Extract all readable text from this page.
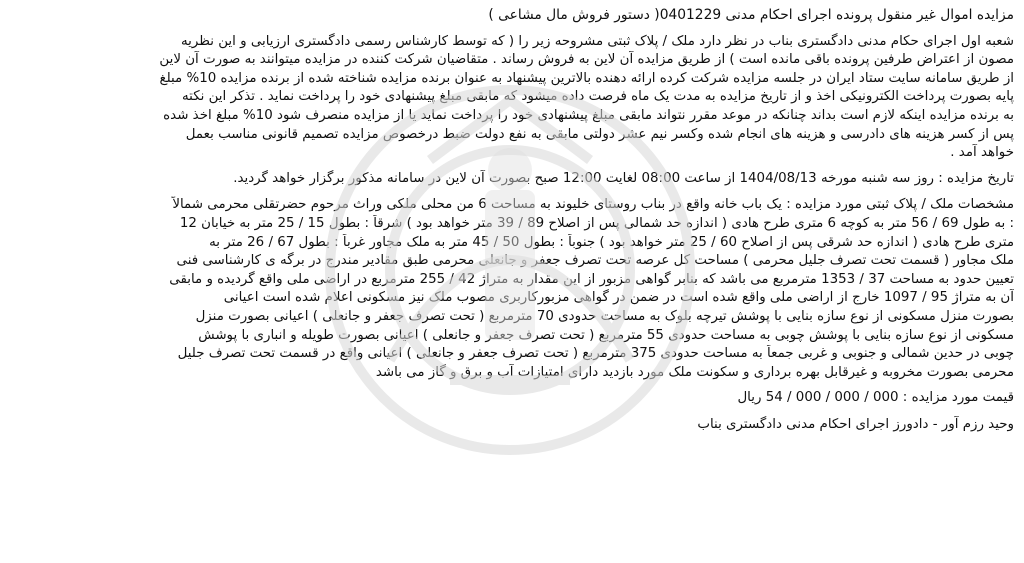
مزایده اموال غیر منقول پرونده اجرای احکام مدنی 0401229( دستور فروش مال مشاعی )
شعبه اول اجرای حکام مدنی دادگستری بناب در نظر دارد ملک / پلاک ثبتی مشروحه زیر را ( که توسط کارشناس رسمی دادگستری ارزیابی و این نظریه
مصون از اعتراض طرفین پرونده باقی مانده است ) از طریق مزایده آن لاین به فروش رساند . متقاضیان شرکت کننده در مزایده میتوانند به صورت آن لاین
از طریق سامانه سایت ستاد ایران در جلسه مزایده شرکت کرده ارائه دهنده بالاترین پیشنهاد به عنوان برنده مزایده شناخته شده از برنده مزایده 10% مبلغ
پایه بصورت پرداخت الکترونیکی اخذ و از تاریخ مزایده به مدت یک ماه فرصت داده میشود که مابقی مبلغ پیشنهادی خود را پرداخت نماید . تذکر این نکته
به برنده مزایده اینکه لازم است بداند چنانکه در موعد مقرر نتواند مابقی مبلغ پیشنهادی خود را پرداخت نماید یا از مزایده منصرف شود 10% مبلغ اخذ شده
پس از کسر هزینه های دادرسی و هزینه های انجام شده وکسر نیم عشر دولتی مابقی به نفع دولت ضبط درخصوص مزایده تصمیم قانونی مناسب بعمل
خواهد آمد .
تاریخ مزایده : روز سه شنبه مورخه 1404/08/13 از ساعت 08:00 لغایت 12:00 صبح بصورت آن لاین در سامانه مذکور برگزار خواهد گردید.
مشخصات ملک / پلاک ثبتی مورد مزایده : یک باب خانه واقع در بناب روستای خلیوند به مساحت 6 من محلی ملکی وراث مرحوم حضرتقلی محرمی شمالاً
: به طول 69 / 56 متر به کوچه 6 متری طرح هادی ( اندازه حد شمالی پس از اصلاح 89 / 39 متر خواهد بود ) شرقاً : بطول 15 / 25 متر به خیابان 12
متری طرح هادی ( اندازه حد شرقی پس از اصلاح 60 / 25 متر خواهد بود ) جنوباً : بطول 50 / 45 متر به ملک مجاور غرباً : بطول 67 / 26 متر به
ملک مجاور ( قسمت تحت تصرف جلیل محرمی ) مساحت کل عرصه تحت تصرف جعفر و جانعلی محرمی طبق مقادیر مندرج در برگه ی کارشناسی فنی
تعیین حدود به مساحت 37 / 1353 مترمربع می باشد که بنابر گواهی مزبور از این مقدار به متراژ 42 / 255 مترمربع در اراضی ملی واقع گردیده و مابقی
آن به متراژ 95 / 1097 خارج از اراضی ملی واقع شده است در ضمن در گواهی مزبورکاربری مصوب ملک نیز مسکونی اعلام شده است اعیانی
بصورت منزل مسکونی از نوع سازه بنایی با پوشش تیرچه بلوک به مساحت حدودی 70 مترمربع ( تحت تصرف جعفر و جانعلی ) اعیانی بصورت منزل
مسکونی از نوع سازه بنایی با پوشش چوبی به مساحت حدودی 55 مترمربع ( تحت تصرف جعفر و جانعلی ) اعیانی بصورت طویله و انباری با پوشش
چوبی در حدین شمالی و جنوبی و غربی جمعاً به مساحت حدودی 375 مترمربع ( تحت تصرف جعفر و جانعلی ) اعیانی واقع در قسمت تحت تصرف جلیل
محرمی بصورت مخروبه و غیرقابل بهره برداری و سکونت ملک مورد بازدید دارای امتیازات آب و برق و گاز می باشد
قیمت مورد مزایده : 000 / 000 / 000 / 54 ریال
وحید رزم آور - دادورز اجرای احکام مدنی دادگستری بناب
